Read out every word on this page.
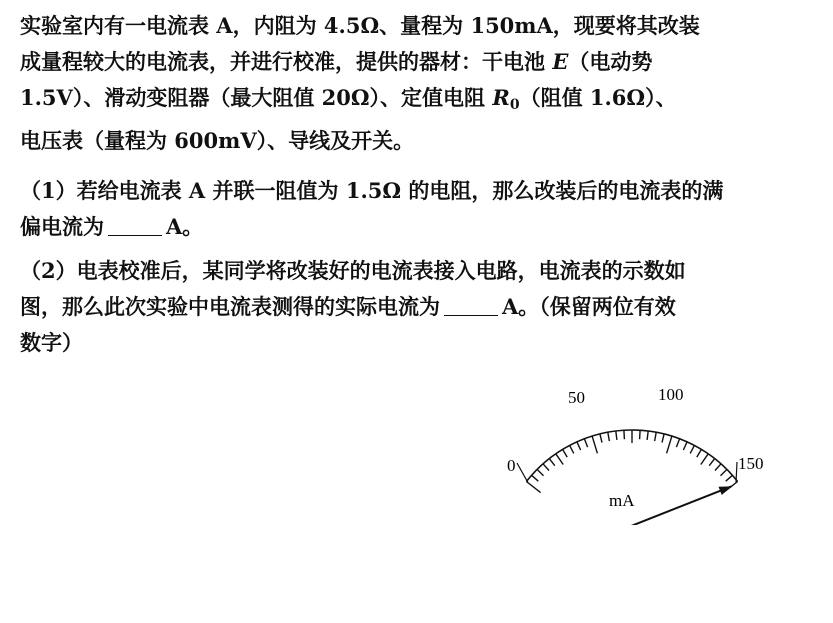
实验室内有一电流表 A，内阻为 4.5Ω、量程为 150mA，现要将其改装
成量程较大的电流表，并进行校准，提供的器材：干电池 E（电动势
1.5V）、滑动变阻器（最大阻值 20Ω）、定值电阻 $R_0$（阻值 1.6Ω）、
电压表（量程为 600mV）、导线及开关。

（1）若给电流表 A 并联一阻值为 1.5Ω 的电阻，那么改装后的电流表的满
偏电流为	A。

（2）电表校准后，某同学将改装好的电流表接入电路，电流表的示数如
图，那么此次实验中电流表测得的实际电流为	A。（保留两位有效
数字）

0
50	100
150
mA
